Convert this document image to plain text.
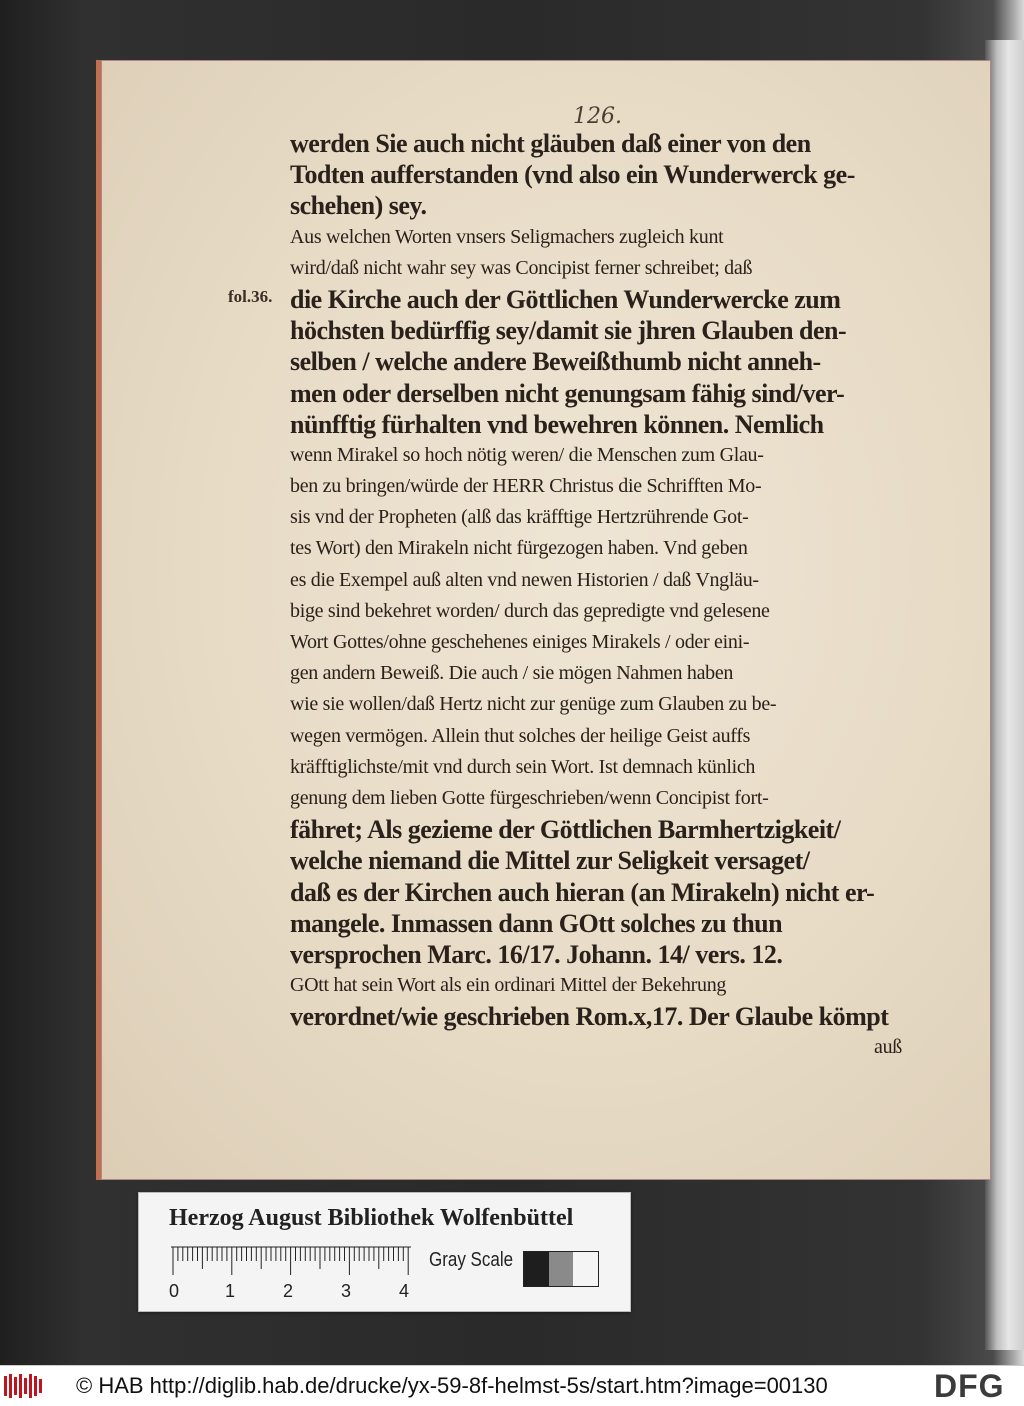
126.
fol.36.
werden Sie auch nicht gläuben daß einer von den
Todten aufferstanden (vnd also ein Wunderwerck ge-
schehen) sey.
Aus welchen Worten vnsers Seligmachers zugleich kunt
wird/daß nicht wahr sey was Concipist ferner schreibet; daß
die Kirche auch der Göttlichen Wunderwercke zum
höchsten bedürffig sey/damit sie jhren Glauben den-
selben / welche andere Beweißthumb nicht anneh-
men oder derselben nicht genungsam fähig sind/ver-
nünfftig fürhalten vnd bewehren können. Nemlich
wenn Mirakel so hoch nötig weren/ die Menschen zum Glau-
ben zu bringen/würde der HERR Christus die Schrifften Mo-
sis vnd der Propheten (alß das kräfftige Hertzrührende Got-
tes Wort) den Mirakeln nicht fürgezogen haben. Vnd geben
es die Exempel auß alten vnd newen Historien / daß Vngläu-
bige sind bekehret worden/ durch das gepredigte vnd gelesene
Wort Gottes/ohne geschehenes einiges Mirakels / oder eini-
gen andern Beweiß. Die auch / sie mögen Nahmen haben
wie sie wollen/daß Hertz nicht zur genüge zum Glauben zu be-
wegen vermögen. Allein thut solches der heilige Geist auffs
kräfftiglichste/mit vnd durch sein Wort. Ist demnach künlich
genung dem lieben Gotte fürgeschrieben/wenn Concipist fort-
fähret; Als gezieme der Göttlichen Barmhertzigkeit/
welche niemand die Mittel zur Seligkeit versaget/
daß es der Kirchen auch hieran (an Mirakeln) nicht er-
mangele. Inmassen dann GOtt solches zu thun
versprochen Marc. 16/17. Johann. 14/ vers. 12.
GOtt hat sein Wort als ein ordinari Mittel der Bekehrung
verordnet/wie geschrieben Rom.x,17. Der Glaube kömpt
auß
Herzog August Bibliothek Wolfenbüttel
0	1	2	3	4
Gray Scale
© HAB http://diglib.hab.de/drucke/yx-59-8f-helmst-5s/start.htm?image=00130	DFG
